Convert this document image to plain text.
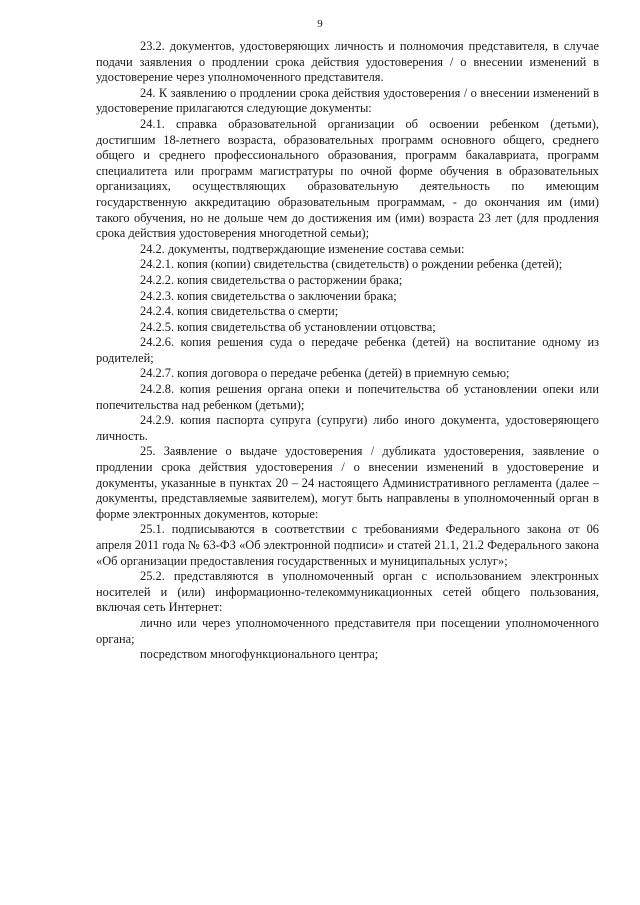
9

23.2. документов, удостоверяющих личность и полномочия представителя, в случае подачи заявления о продлении срока действия удостоверения / о внесении изменений в удостоверение через уполномоченного представителя.

24. К заявлению о продлении срока действия удостоверения / о внесении изменений в удостоверение прилагаются следующие документы:

24.1. справка образовательной организации об освоении ребенком (детьми), достигшим 18-летнего возраста, образовательных программ основного общего, среднего общего и среднего профессионального образования, программ бакалавриата, программ специалитета или программ магистратуры по очной форме обучения в образовательных организациях, осуществляющих образовательную деятельность по имеющим государственную аккредитацию образовательным программам, - до окончания им (ими) такого обучения, но не дольше чем до достижения им (ими) возраста 23 лет (для продления срока действия удостоверения многодетной семьи);

24.2. документы, подтверждающие изменение состава семьи:

24.2.1. копия (копии) свидетельства (свидетельств) о рождении ребенка (детей);

24.2.2. копия свидетельства о расторжении брака;

24.2.3. копия свидетельства о заключении брака;

24.2.4. копия свидетельства о смерти;

24.2.5. копия свидетельства об установлении отцовства;

24.2.6. копия решения суда о передаче ребенка (детей) на воспитание одному из родителей;

24.2.7. копия договора о передаче ребенка (детей) в приемную семью;

24.2.8. копия решения органа опеки и попечительства об установлении опеки или попечительства над ребенком (детьми);

24.2.9. копия паспорта супруга (супруги) либо иного документа, удостоверяющего личность.

25. Заявление о выдаче удостоверения / дубликата удостоверения, заявление о продлении срока действия удостоверения / о внесении изменений в удостоверение и документы, указанные в пунктах 20 – 24 настоящего Административного регламента (далее – документы, представляемые заявителем), могут быть направлены в уполномоченный орган в форме электронных документов, которые:

25.1. подписываются в соответствии с требованиями Федерального закона от 06 апреля 2011 года № 63-ФЗ «Об электронной подписи» и статей 21.1, 21.2 Федерального закона «Об организации предоставления государственных и муниципальных услуг»;

25.2. представляются в уполномоченный орган с использованием электронных носителей и (или) информационно-телекоммуникационных сетей общего пользования, включая сеть Интернет:

лично или через уполномоченного представителя при посещении уполномоченного органа;

посредством многофункционального центра;
